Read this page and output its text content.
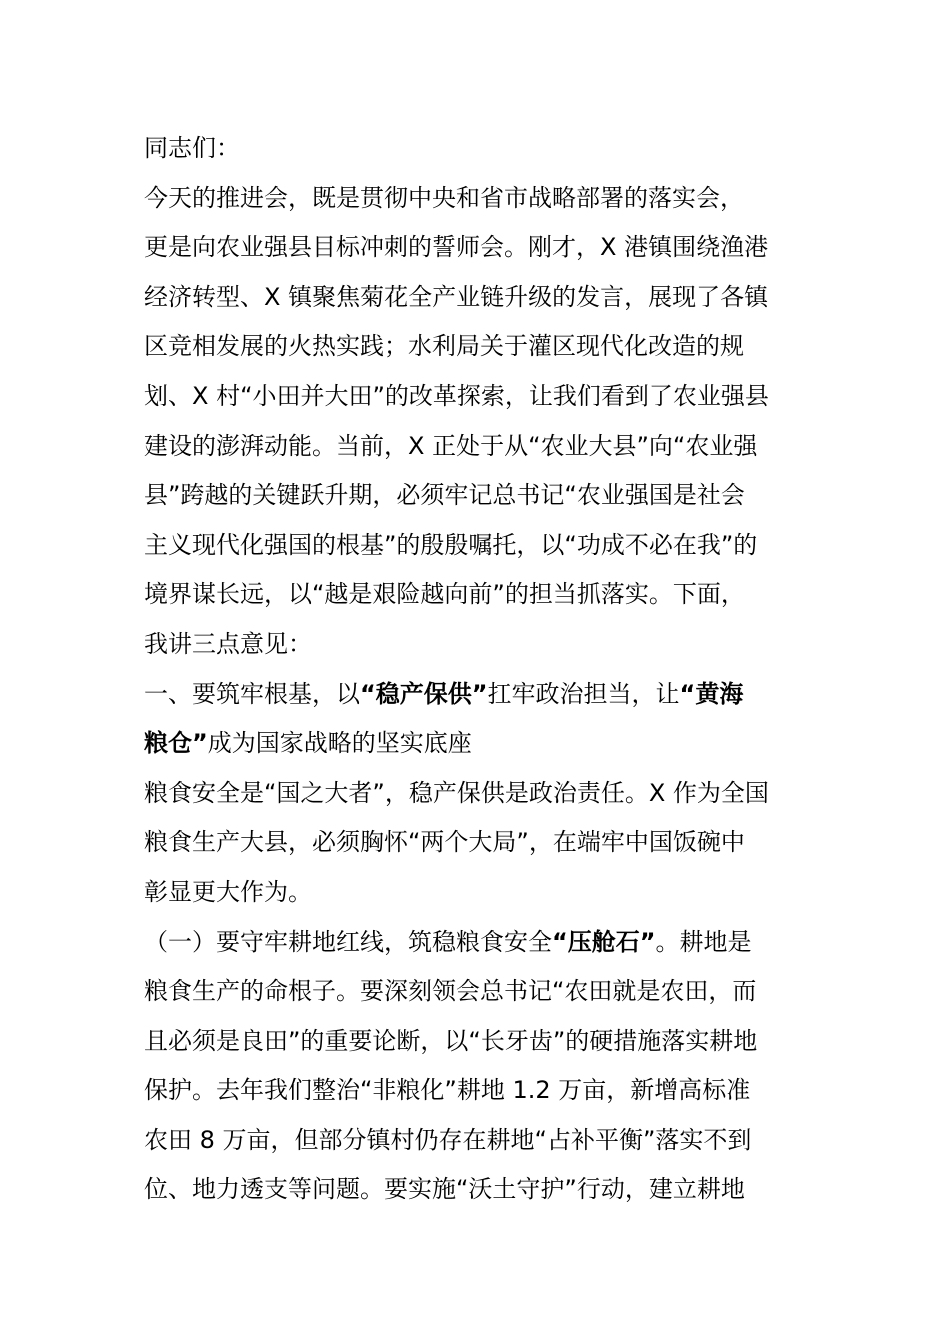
同志们：
今天的推进会，既是贯彻中央和省市战略部署的落实会，
更是向农业强县目标冲刺的誓师会。刚才，X 港镇围绕渔港
经济转型、X 镇聚焦菊花全产业链升级的发言，展现了各镇
区竞相发展的火热实践；水利局关于灌区现代化改造的规
划、X 村“小田并大田”的改革探索，让我们看到了农业强县
建设的澎湃动能。当前，X 正处于从“农业大县”向“农业强
县”跨越的关键跃升期，必须牢记总书记“农业强国是社会
主义现代化强国的根基”的殷殷嘱托，以“功成不必在我”的
境界谋长远，以“越是艰险越向前”的担当抓落实。下面，
我讲三点意见：
一、要筑牢根基，以“稳产保供”扛牢政治担当，让“黄海
粮仓”成为国家战略的坚实底座
粮食安全是“国之大者”，稳产保供是政治责任。X 作为全国
粮食生产大县，必须胸怀“两个大局”，在端牢中国饭碗中
彰显更大作为。
（一）要守牢耕地红线，筑稳粮食安全“压舱石”。耕地是
粮食生产的命根子。要深刻领会总书记“农田就是农田，而
且必须是良田”的重要论断，以“长牙齿”的硬措施落实耕地
保护。去年我们整治“非粮化”耕地 1.2 万亩，新增高标准
农田 8 万亩，但部分镇村仍存在耕地“占补平衡”落实不到
位、地力透支等问题。要实施“沃土守护”行动，建立耕地
